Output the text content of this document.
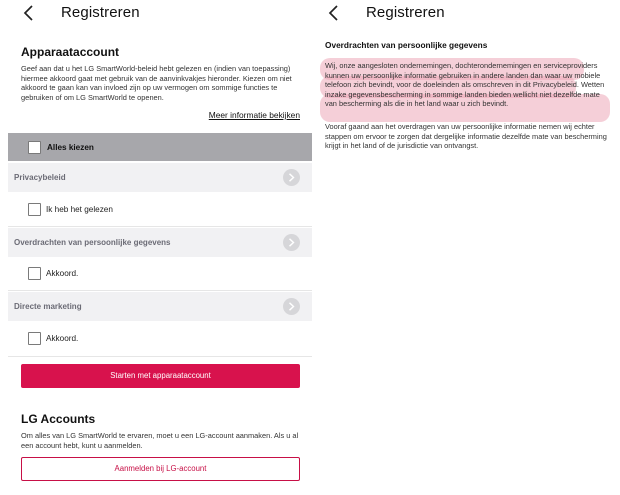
Registreren
Apparaataccount
Geef aan dat u het LG SmartWorld-beleid hebt gelezen en (indien van toepassing) hiermee akkoord gaat met gebruik van de aanvinkvakjes hieronder. Kiezen om niet akkoord te gaan kan van invloed zijn op uw vermogen om sommige functies te gebruiken of om LG SmartWorld te openen.
Meer informatie bekijken
Alles kiezen
Privacybeleid
Ik heb het gelezen
Overdrachten van persoonlijke gegevens
Akkoord.
Directe marketing
Akkoord.
Starten met apparaataccount
LG Accounts
Om alles van LG SmartWorld te ervaren, moet u een LG-account aanmaken. Als u al een account hebt, kunt u aanmelden.
Aanmelden bij LG-account
Registreren
Overdrachten van persoonlijke gegevens
Wij, onze aangesloten ondernemingen, dochterondernemingen en serviceproviders kunnen uw persoonlijke informatie gebruiken in andere landen dan waar uw mobiele telefoon zich bevindt, voor de doeleinden als omschreven in dit Privacybeleid. Wetten inzake gegevensbescherming in sommige landen bieden wellicht niet dezelfde mate van bescherming als die in het land waar u zich bevindt.
Vooraf gaand aan het overdragen van uw persoonlijke informatie nemen wij echter stappen om ervoor te zorgen dat dergelijke informatie dezelfde mate van bescherming krijgt in het land of de jurisdictie van ontvangst.
